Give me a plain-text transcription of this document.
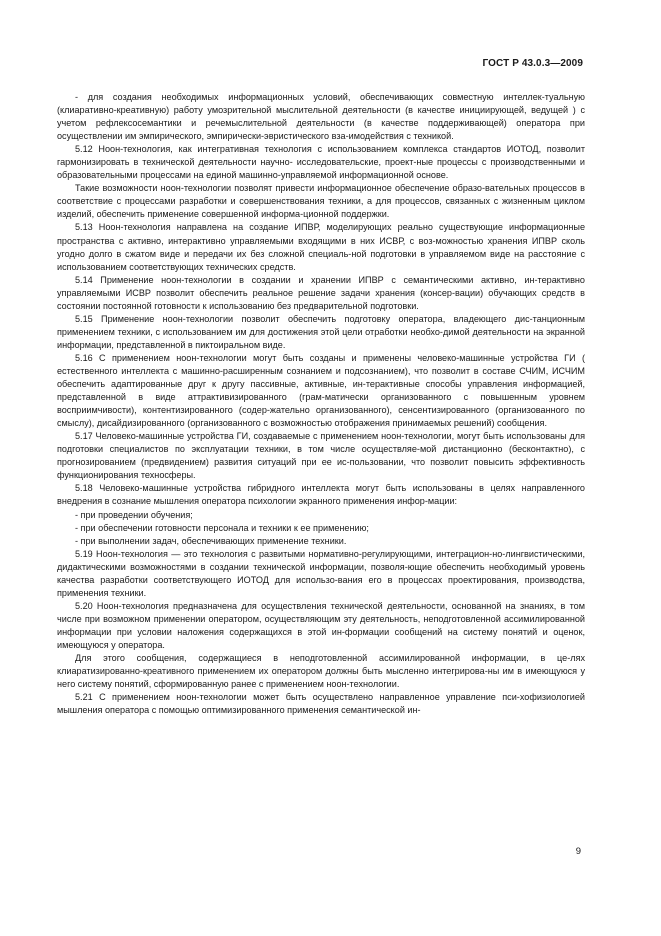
ГОСТ Р 43.0.3—2009

- для создания необходимых информационных условий, обеспечивающих совместную интеллек-туальную (клиаративно-креативную) работу умозрительной мыслительной деятельности (в качестве инициирующей, ведущей ) с учетом рефлексосемантики и речемыслительной деятельности (в качестве поддерживающей) оператора при осуществлении им эмпирического, эмпирически-эвристического вза-имодействия с техникой.

5.12 Ноон-технология, как интегративная технология с использованием комплекса стандартов ИОТОД, позволит гармонизировать в технической деятельности научно- исследовательские, проект-ные процессы с производственными и образовательными процессами на единой машинно-управляемой информационной основе.

Такие возможности ноон-технологии позволят привести информационное обеспечение образо-вательных процессов в соответствие с процессами разработки и совершенствования техники, а для процессов, связанных с жизненным циклом изделий, обеспечить применение совершенной информа-ционной поддержки.

5.13 Ноон-технология направлена на создание ИПВР, моделирующих реально существующие информационные пространства с активно, интерактивно управляемыми входящими в них ИСВР, с воз-можностью хранения ИПВР сколь угодно долго в сжатом виде и передачи их без сложной специаль-ной подготовки в управляемом виде на расстояние с использованием соответствующих технических средств.

5.14 Применение ноон-технологии в создании и хранении ИПВР с семантическими активно, ин-терактивно управляемыми ИСВР позволит обеспечить реальное решение задачи хранения (консер-вации) обучающих средств в состоянии постоянной готовности к использованию без предварительной подготовки.

5.15 Применение ноон-технологии позволит обеспечить подготовку оператора, владеющего дис-танционным применением техники, с использованием им для достижения этой цели отработки необхо-димой деятельности на экранной информации, представленной в пиктоиральном виде.

5.16 С применением ноон-технологии могут быть созданы и применены человеко-машинные устройства ГИ ( естественного интеллекта с машинно-расширенным сознанием и подсознанием), что позволит в составе СЧИМ, ИСЧИМ обеспечить адаптированные друг к другу пассивные, активные, ин-терактивные способы управления информацией, представленной в виде аттрактивизированного (грам-матически организованного с повышенным уровнем восприимчивости), контентизированного (содер-жательно организованного), сенсентизированного (организованного по смыслу), дисайдизированного (организованного с возможностью отображения принимаемых решений) сообщения.

5.17 Человеко-машинные устройства ГИ, создаваемые с применением ноон-технологии, могут быть использованы для подготовки специалистов по эксплуатации техники, в том числе осуществляе-мой дистанционно (бесконтактно), с прогнозированием (предвидением) развития ситуаций при ее ис-пользовании, что позволит повысить эффективность функционирования техносферы.

5.18 Человеко-машинные устройства гибридного интеллекта могут быть использованы в целях направленного внедрения в сознание мышления оператора психологии экранного применения инфор-мации:

- при проведении обучения;

- при обеспечении готовности персонала и техники к ее применению;

- при выполнении задач, обеспечивающих применение техники.

5.19 Ноон-технология — это технология с развитыми нормативно-регулирующими, интеграцион-но-лингвистическими, дидактическими возможностями в создании технической информации, позволя-ющие обеспечить необходимый уровень качества разработки соответствующего ИОТОД для использо-вания его в процессах проектирования, производства, применения техники.

5.20 Ноон-технология предназначена для осуществления технической деятельности, основанной на знаниях, в том числе при возможном применении оператором, осуществляющим эту деятельность, неподготовленной ассимилированной информации при условии наложения содержащихся в этой ин-формации сообщений на систему понятий и оценок, имеющуюся у оператора.

Для этого сообщения, содержащиеся в неподготовленной ассимилированной информации, в це-лях клиаратизированно-креативного применением их оператором должны быть мысленно интегрирова-ны им в имеющуюся у него систему понятий, сформированную ранее с применением ноон-технологии.

5.21 С применением ноон-технологии может быть осуществлено направленное управление пси-хофизиологией мышления оператора с помощью оптимизированного применения семантической ин-

9
